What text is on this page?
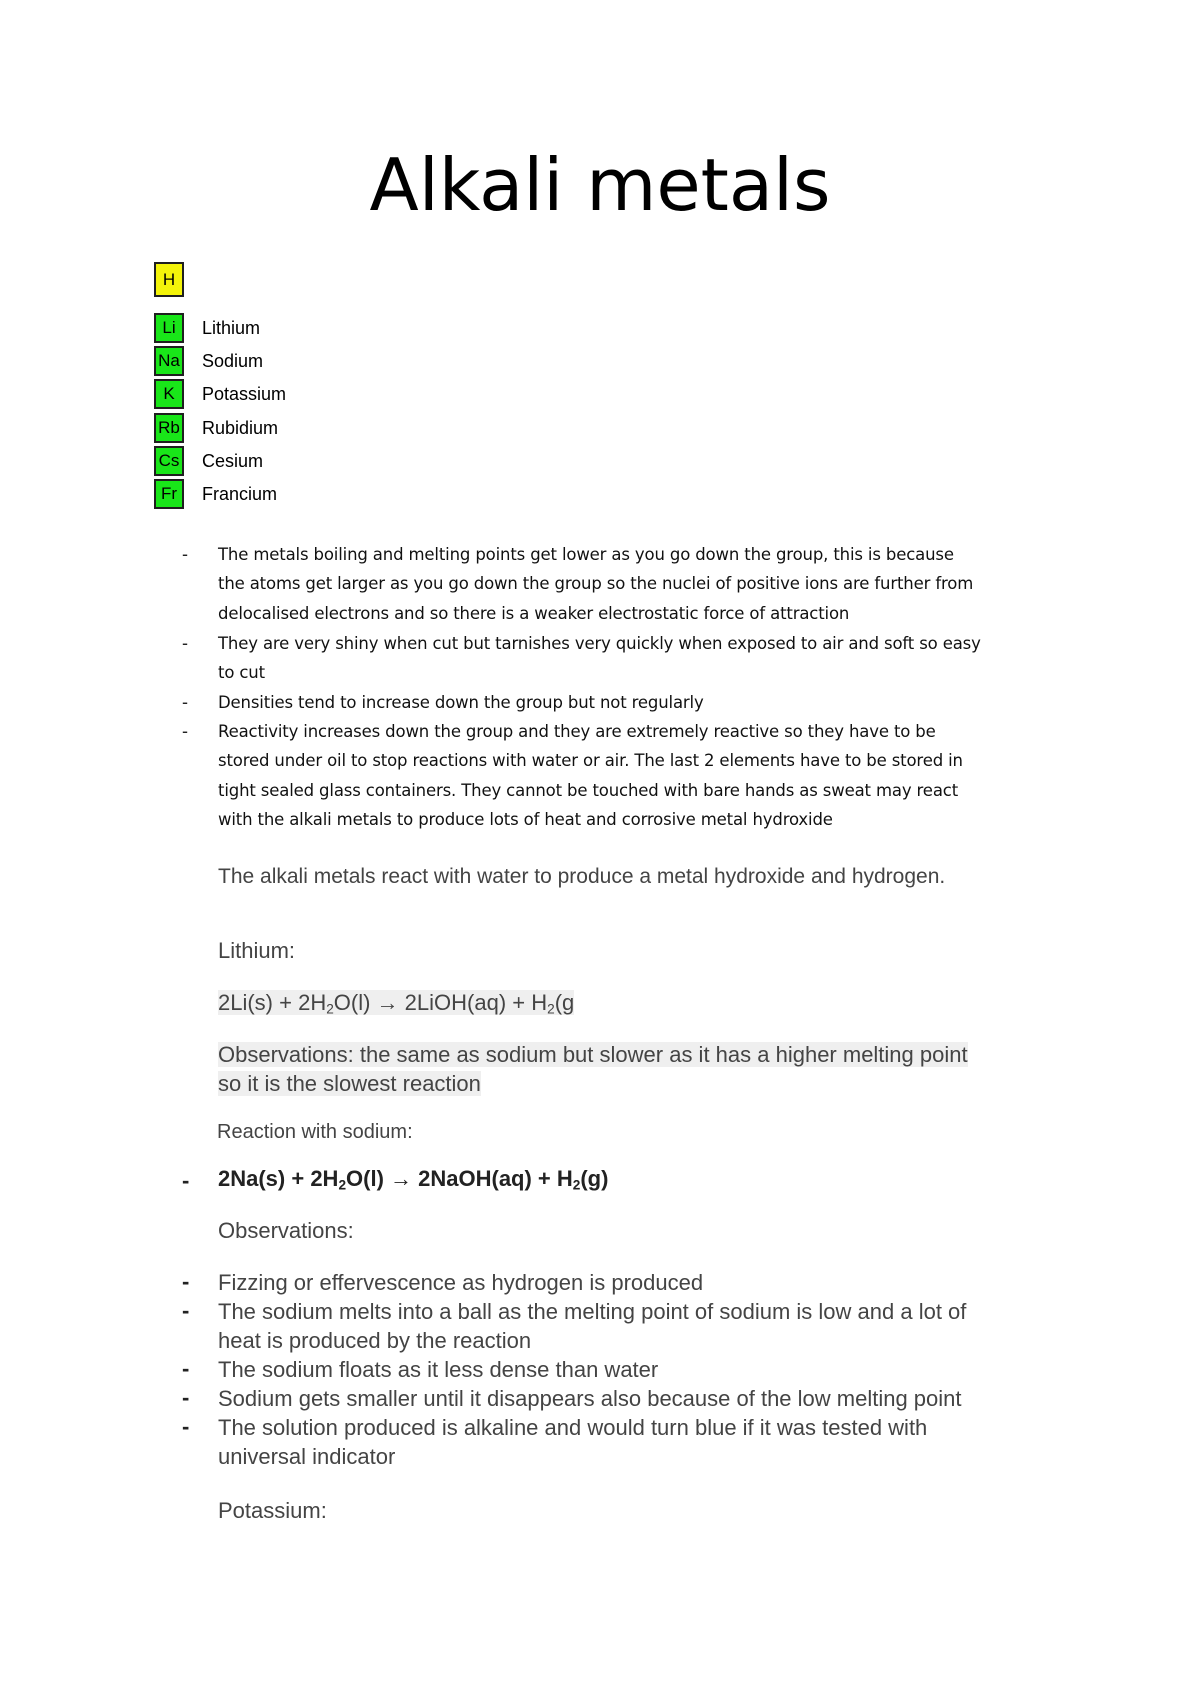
Alkali metals
H
Li	Lithium
Na Sodium
K	Potassium
Rb Rubidium
Cs Cesium
Fr	Francium
- The metals boiling and melting points get lower as you go down the group, this is because
the atoms get larger as you go down the group so the nuclei of positive ions are further from
delocalised electrons and so there is a weaker electrostatic force of attraction
- They are very shiny when cut but tarnishes very quickly when exposed to air and soft so easy
to cut
- Densities tend to increase down the group but not regularly
- Reactivity increases down the group and they are extremely reactive so they have to be
stored under oil to stop reactions with water or air. The last 2 elements have to be stored in
tight sealed glass containers. They cannot be touched with bare hands as sweat may react
with the alkali metals to produce lots of heat and corrosive metal hydroxide
The alkali metals react with water to produce a metal hydroxide and hydrogen.
Lithium:
$2Li(s) + 2H_2O(l)$ → 2LiOH(aq) + $H_2(g$
Observations: the same as sodium but slower as it has a higher melting point
so it is the slowest reaction
Reaction with sodium:
- $2Na(s) + 2H_2O(l)$ → 2NaOH(aq) + $H_2(g)$
Observations:
- Fizzing or effervescence as hydrogen is produced
- The sodium melts into a ball as the melting point of sodium is low and a lot of
heat is produced by the reaction
- The sodium floats as it less dense than water
- Sodium gets smaller until it disappears also because of the low melting point
- The solution produced is alkaline and would turn blue if it was tested with
universal indicator
Potassium:
